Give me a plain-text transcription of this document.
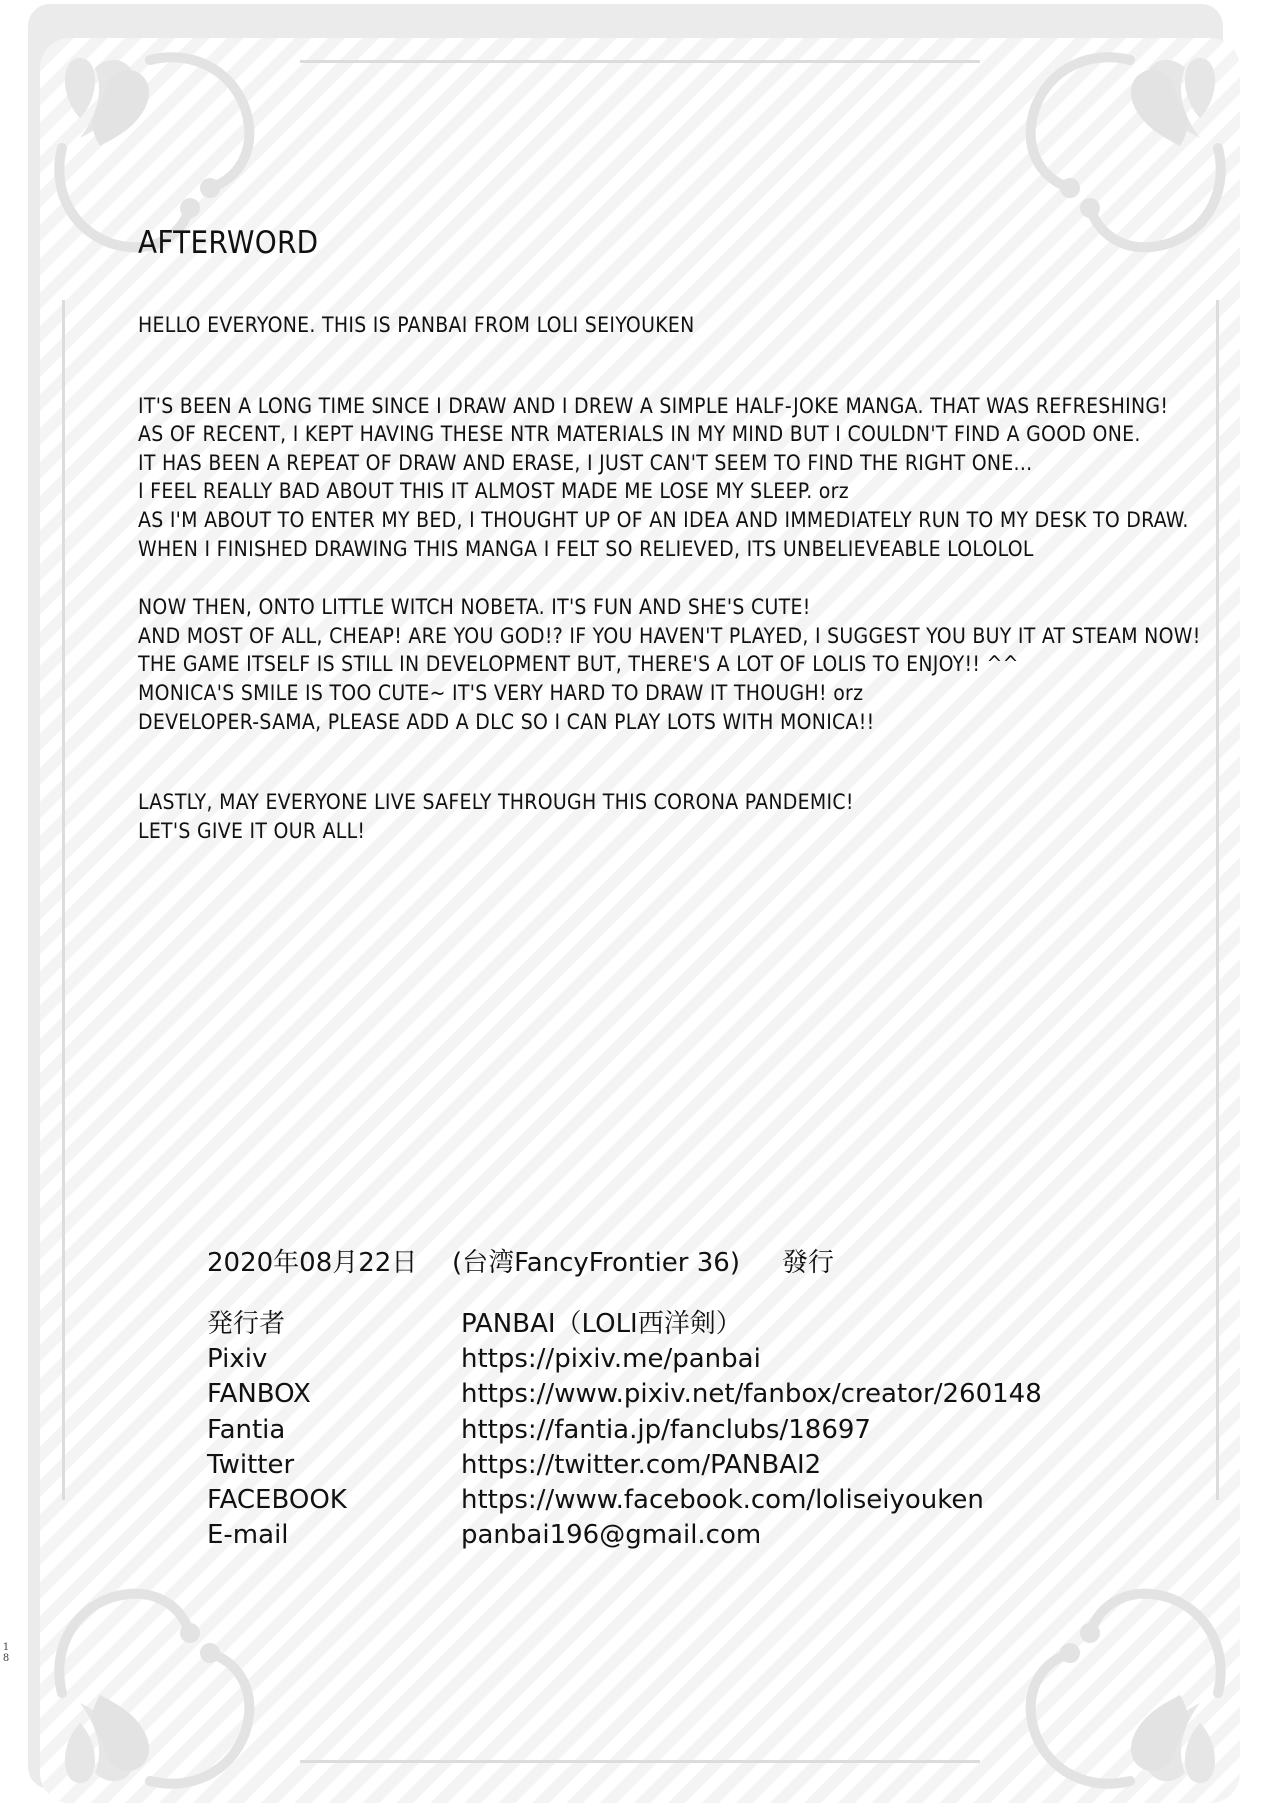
AFTERWORD
HELLO EVERYONE. THIS IS PANBAI FROM LOLI SEIYOUKEN
IT'S BEEN A LONG TIME SINCE I DRAW AND I DREW A SIMPLE HALF-JOKE MANGA. THAT WAS REFRESHING!
AS OF RECENT, I KEPT HAVING THESE NTR MATERIALS IN MY MIND BUT I COULDN'T FIND A GOOD ONE.
IT HAS BEEN A REPEAT OF DRAW AND ERASE, I JUST CAN'T SEEM TO FIND THE RIGHT ONE...
I FEEL REALLY BAD ABOUT THIS IT ALMOST MADE ME LOSE MY SLEEP. orz
AS I'M ABOUT TO ENTER MY BED, I THOUGHT UP OF AN IDEA AND IMMEDIATELY RUN TO MY DESK TO DRAW.
WHEN I FINISHED DRAWING THIS MANGA I FELT SO RELIEVED, ITS UNBELIEVEABLE LOLOLOL
NOW THEN, ONTO LITTLE WITCH NOBETA. IT'S FUN AND SHE'S CUTE!
AND MOST OF ALL, CHEAP! ARE YOU GOD!? IF YOU HAVEN'T PLAYED, I SUGGEST YOU BUY IT AT STEAM NOW!
THE GAME ITSELF IS STILL IN DEVELOPMENT BUT, THERE'S A LOT OF LOLIS TO ENJOY!! ^^
MONICA'S SMILE IS TOO CUTE~ IT'S VERY HARD TO DRAW IT THOUGH! orz
DEVELOPER-SAMA, PLEASE ADD A DLC SO I CAN PLAY LOTS WITH MONICA!!
LASTLY, MAY EVERYONE LIVE SAFELY THROUGH THIS CORONA PANDEMIC!
LET'S GIVE IT OUR ALL!
2020年08月22日	(台湾FancyFrontier 36)	發行
発行者	PANBAI（LOLI西洋剣）
Pixiv	https://pixiv.me/panbai
FANBOX	https://www.pixiv.net/fanbox/creator/260148
Fantia	https://fantia.jp/fanclubs/18697
Twitter	https://twitter.com/PANBAI2
FACEBOOK	https://www.facebook.com/loliseiyouken
E-mail	panbai196@gmail.com
1
8
